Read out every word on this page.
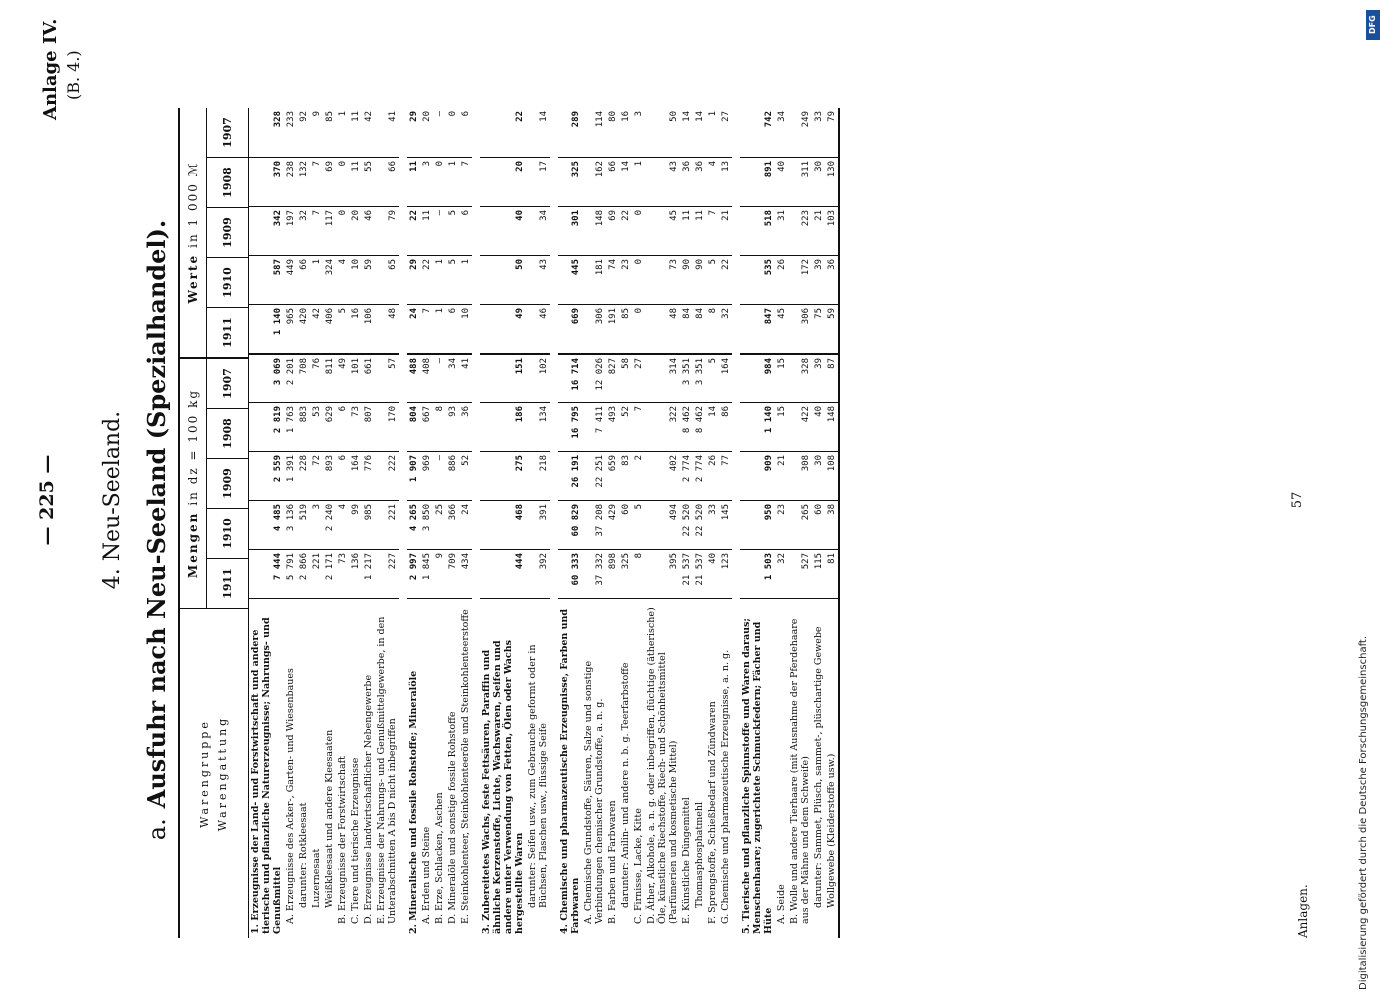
— 225 —
Anlage IV. (B. 4.)
4. Neu-Seeland.
a.Ausfuhr nach Neu-Seeland (Spezialhandel). Warengruppe Warengattung
Mengen
in dz = 100 kg
1911
1910
1909
1908
1907
Werte
in 1 000 ℳ
1911
1910
1909
1908
1907
1. Erzeugnisse der Land- und Forstwirtschaft und andere tierische und pflanzliche Naturerzeugnisse; Nahrungs- und Genußmittel
7 444
4 485
2 559
2 819
3 069
1 140
587
342
370
328
A. Erzeugnisse des Acker-, Garten- und Wiesenbaues
5 791
3 136
1 391
1 763
2 201
965
449
197
238
233
darunter: Rotkleesaat
2 866
519
228
883
708
420
66
32
132
92
Luzernesaat
221
3
72
53
76
42
1
7
7
9
Weißkleesaat und andere Kleesaaten
2 171
2 240
893
629
811
406
324
117
69
85
B. Erzeugnisse der Forstwirtschaft
73
4
6
6
49
5
4
0
0
1
C. Tiere und tierische Erzeugnisse
136
99
164
73
101
16
10
20
11
11
D. Erzeugnisse landwirtschaftlicher Nebengewerbe
1 217
985
776
807
661
106
59
46
55
42
E. Erzeugnisse der Nahrungs- und Genußmittelgewerbe, in den Unterabschnitten A bis D nicht inbegriffen
227
221
222
170
57
48
65
79
66
41
2. Mineralische und fossile Rohstoffe; Mineralöle
2 997
4 265
1 907
804
488
24
29
22
11
29
A. Erden und Steine
1 845
3 850
969
667
408
7
22
11
3
20
B. Erze, Schlacken, Aschen
9
25
—
8
—
1
1
—
0
—
D. Mineralöle und sonstige fossile Rohstoffe
709
366
886
93
34
6
5
5
1
0
E. Steinkohlenteer, Steinkohlenteeröle und Steinkohlenteerstoffe
434
24
52
36
41
10
1
6
7
6
3. Zubereitetes Wachs, feste Fettsäuren, Paraffin und ähnliche Kerzenstoffe, Lichte, Wachswaren, Seifen und andere unter Verwendung von Fetten, Ölen oder Wachs hergestellte Waren
444
468
275
186
151
49
50
40
20
22
darunter: Seifen usw., zum Gebrauche geformt oder in Büchsen, Flaschen usw., flüssige Seife
392
391
218
134
102
46
43
34
17
14
4. Chemische und pharmazeutische Erzeugnisse, Farben und Farbwaren
60 333
60 829
26 191
16 795
16 714
669
445
301
325
289
A. Chemische Grundstoffe, Säuren, Salze und sonstige Verbindungen chemischer Grundstoffe, a. n. g.
37 332
37 208
22 251
7 411
12 026
306
181
148
162
114
B. Farben und Farbwaren
898
429
659
493
827
191
74
69
66
80
darunter: Anilin- und andere n. b. g. Teerfarbstoffe
325
60
83
52
58
85
23
22
14
16
C. Firnisse, Lacke, Kitte
8
5
2
7
27
0
0
0
1
3
D. Äther, Alkohole, a. n. g. oder inbegriffen, flüchtige (ätherische) Öle, künstliche Riechstoffe, Riech- und Schönheitsmittel (Parfümerien und kosmetische Mittel)
395
494
402
322
314
48
73
45
43
50
E. Künstliche Düngemittel
21 537
22 520
2 774
8 462
3 351
84
90
11
36
14
Thomasphosphatmehl
21 537
22 520
2 774
8 462
3 351
84
90
11
36
14
F. Sprengstoffe, Schießbedarf und Zündwaren
40
33
26
14
5
8
5
7
4
1
G. Chemische und pharmazeutische Erzeugnisse, a. n. g.
123
145
77
86
164
32
22
21
13
27
5. Tierische und pflanzliche Spinnstoffe und Waren daraus; Menschenhaare; zugerichtete Schmuckfedern; Fächer und Hüte
1 503
950
909
1 140
984
847
535
518
891
742
A. Seide
32
23
21
15
15
45
26
31
40
34
B. Wolle und andere Tierhaare (mit Ausnahme der Pferdehaare aus der Mähne und dem Schweife)
527
265
308
422
328
306
172
223
311
249
darunter: Sammet, Plüsch, sammet-, plüschartige Gewebe
115
60
30
40
39
75
39
21
30
33
Wollgewebe (Kleiderstoffe usw.)
81
38
108
148
87
59
36
103
130
79
Anlagen.
57
DFG
Digitalisierung gefördert durch die Deutsche Forschungsgemeinschaft.
